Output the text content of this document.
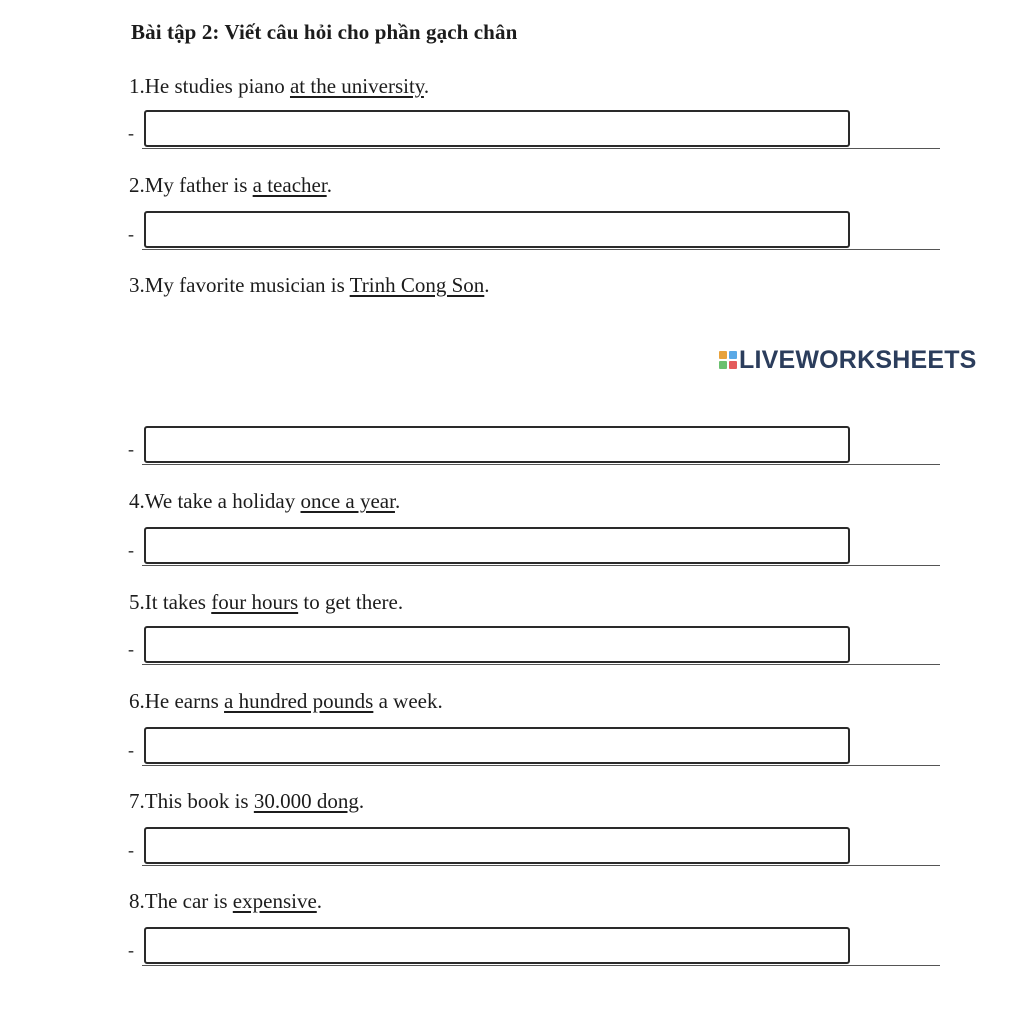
Bài tập 2: Viết câu hỏi cho phần gạch chân
1.He studies piano at the university.
-
2.My father is a teacher.
-
3.My favorite musician is Trinh Cong Son.
LIVEWORKSHEETS
-
4.We take a holiday once a year.
-
5.It takes four hours to get there.
-
6.He earns a hundred pounds a week.
-
7.This book is 30.000 dong.
-
8.The car is expensive.
-
